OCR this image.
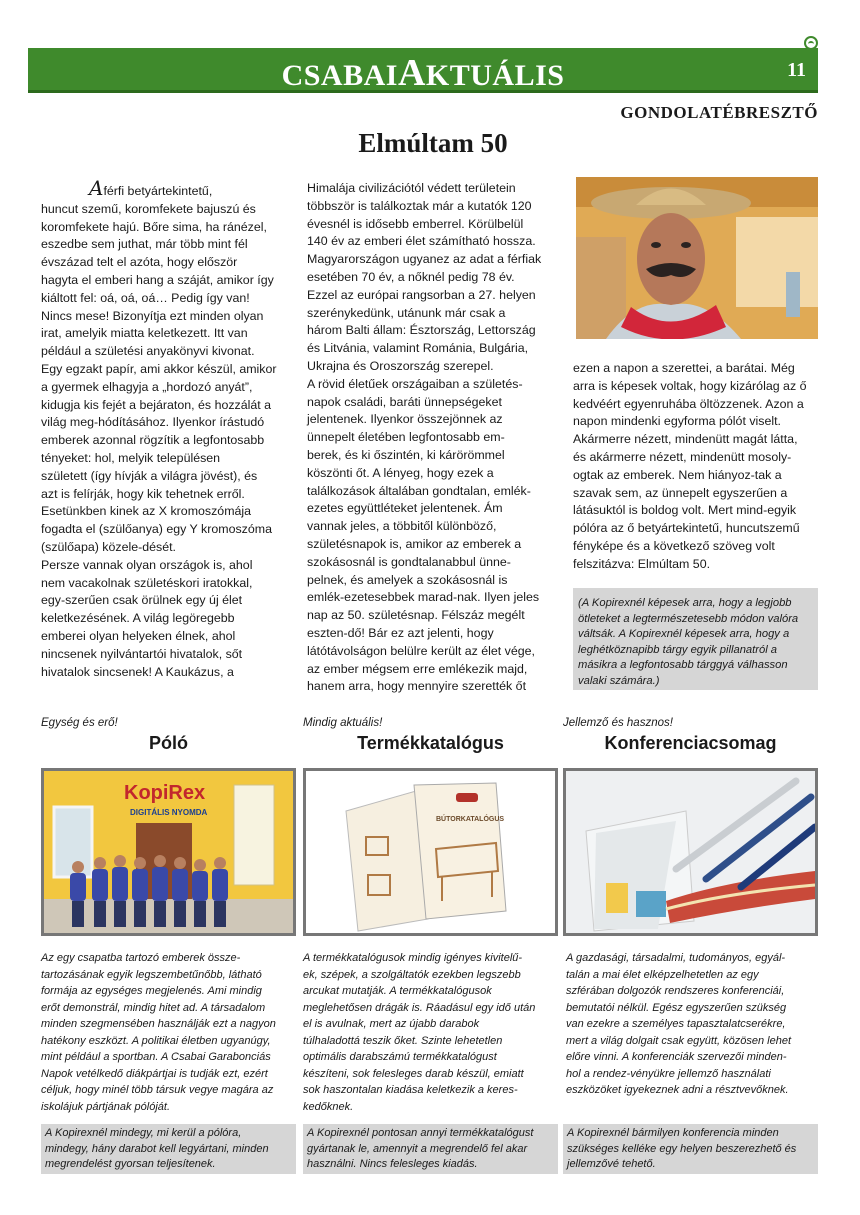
CSABAIAKTUÁLIS	11
GONDOLATÉBRESZTŐ
Elmúltam 50

Aférfi betyártekintetű,

huncut szemű, koromfekete bajuszú és

koromfekete hajú. Bőre sima, ha ránézel,

eszedbe sem juthat, már több mint fél

évszázad telt el azóta, hogy először

hagyta el emberi hang a száját, amikor így

kiáltott fel: oá, oá, oá… Pedig így van!

Nincs mese! Bizonyítja ezt minden olyan

irat, amelyik miatta keletkezett. Itt van

például a születési anyakönyvi kivonat.

Egy egzakt papír, ami akkor készül, amikor

a gyermek elhagyja a „hordozó anyát”,

kidugja kis fejét a bejáraton, és hozzálát a

világ meg-hódításához. Ilyenkor írástudó

emberek azonnal rögzítik a legfontosabb

tényeket: hol, melyik településen

született (így hívják a világra jövést), és

azt is felírják, hogy kik tehetnek erről.

Esetünkben kinek az X kromoszómája

fogadta el (szülőanya) egy Y kromoszóma

(szülőapa) közele-dését.

Persze vannak olyan országok is, ahol

nem vacakolnak születéskori iratokkal,

egy-szerűen csak örülnek egy új élet

keletkezésének. A világ legöregebb

emberei olyan helyeken élnek, ahol

nincsenek nyilvántartói hivatalok, sőt

hivatalok sincsenek! A Kaukázus, a

Himalája civilizációtól védett területein

többször is találkoztak már a kutatók 120

évesnél is idősebb emberrel. Körülbelül

140 év az emberi élet számítható hossza.

Magyarországon ugyanez az adat a férfiak

esetében 70 év, a nőknél pedig 78 év.

Ezzel az európai rangsorban a 27. helyen

szerénykedünk, utánunk már csak a

három Balti állam: Észtország, Lettország

és Litvánia, valamint Románia, Bulgária,

Ukrajna és Oroszország szerepel.

A rövid életűek országaiban a születés-

napok családi, baráti ünnepségeket

jelentenek. Ilyenkor összejönnek az

ünnepelt életében legfontosabb em-

berek, és ki őszintén, ki kárörömmel

köszönti őt. A lényeg, hogy ezek a

találkozások általában gondtalan, emlék-

ezetes együttléteket jelentenek. Ám

vannak jeles, a többitől különböző,

születésnapok is, amikor az emberek a

szokásosnál is gondtalanabbul ünne-

pelnek, és amelyek a szokásosnál is

emlék-ezetesebbek marad-nak. Ilyen jeles

nap az 50. születésnap. Félszáz megélt

eszten-dő! Bár ez azt jelenti, hogy

látótávolságon belülre került az élet vége,

az ember mégsem erre emlékezik majd,

hanem arra, hogy mennyire szerették őt

ezen a napon a szerettei, a barátai. Még

arra is képesek voltak, hogy kizárólag az ő

kedvéért egyenruhába öltözzenek. Azon a

napon mindenki egyforma pólót viselt.

Akármerre nézett, mindenütt magát látta,

és akármerre nézett, mindenütt mosoly-

ogtak az emberek. Nem hiányoz-tak a

szavak sem, az ünnepelt egyszerűen a

látásuktól is boldog volt. Mert mind-egyik

pólóra az ő betyártekintetű, huncutszemű

fényképe és a következő szöveg volt

felszitázva: Elmúltam 50.

(A Kopirexnél képesek arra, hogy a legjobb
ötleteket a legtermészetesebb módon valóra
váltsák. A Kopirexnél képesek arra, hogy a
leghétköznapibb tárgy egyik pillanatról a
másikra a legfontosabb tárggyá válhasson
valaki számára.)
Egység és erő!
Póló
KopiRex
DIGITÁLIS NYOMDA
Az egy csapatba tartozó emberek össze-
tartozásának egyik legszembetűnőbb, látható
formája az egységes megjelenés. Ami mindig
erőt demonstrál, mindig hitet ad. A társadalom
minden szegmensében használják ezt a nagyon
hatékony eszközt. A politikai életben ugyanúgy,
mint például a sportban. A Csabai Garabonciás
Napok vetélkedő diákpártjai is tudják ezt, ezért
céljuk, hogy minél több társuk vegye magára az
iskolájuk pártjának pólóját.
A Kopirexnél mindegy, mi kerül a pólóra,
mindegy, hány darabot kell legyártani, minden
megrendelést gyorsan teljesítenek.
Mindig aktuális!
Termékkatalógus
BÚTORKATALÓGUS
A termékkatalógusok mindig igényes kivitelű-
ek, szépek, a szolgáltatók ezekben legszebb
arcukat mutatják. A termékkatalógusok
meglehetősen drágák is. Ráadásul egy idő után
el is avulnak, mert az újabb darabok
túlhaladottá teszik őket. Szinte lehetetlen
optimális darabszámú termékkatalógust
készíteni, sok felesleges darab készül, emiatt
sok haszontalan kiadása keletkezik a keres-
kedőknek.
A Kopirexnél pontosan annyi termékkatalógust
gyártanak le, amennyit a megrendelő fel akar
használni. Nincs felesleges kiadás.
Jellemző és hasznos!
Konferenciacsomag
A gazdasági, társadalmi, tudományos, egyál-
talán a mai élet elképzelhetetlen az egy
szférában dolgozók rendszeres konferenciái,
bemutatói nélkül. Egész egyszerűen szükség
van ezekre a személyes tapasztalatcserékre,
mert a világ dolgait csak együtt, közösen lehet
előre vinni. A konferenciák szervezői minden-
hol a rendez-vényükre jellemző használati
eszközöket igyekeznek adni a résztvevőknek.
A Kopirexnél bármilyen konferencia minden
szükséges kelléke egy helyen beszerezhető és
jellemzővé tehető.
